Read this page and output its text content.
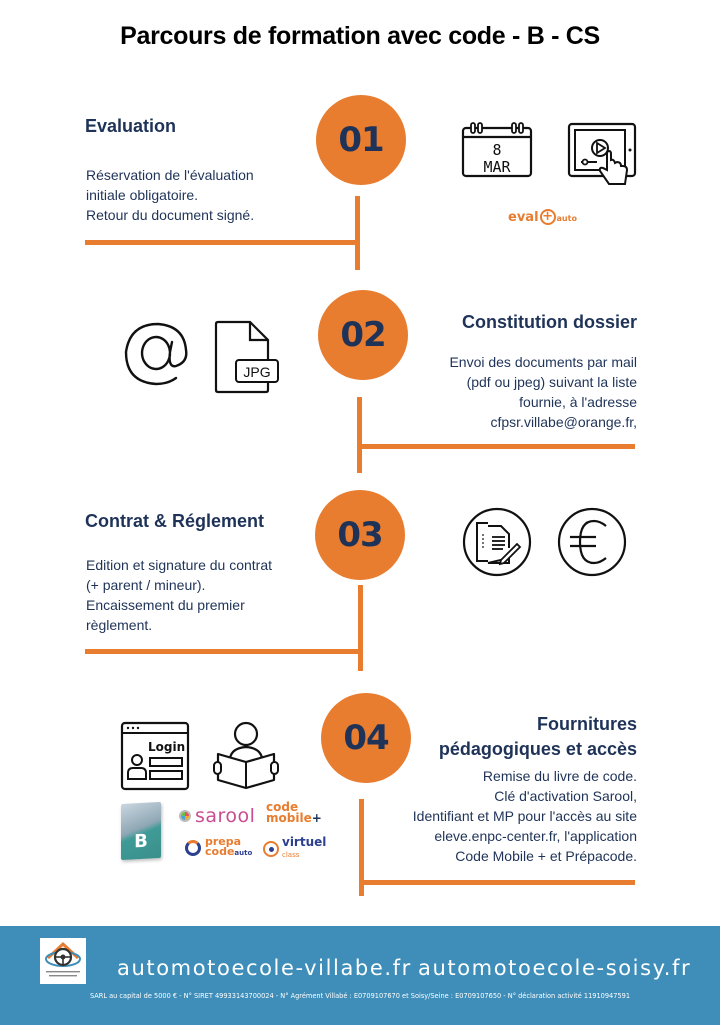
Parcours de formation avec code - B - CS
Evaluation	01
Réservation de l'évaluation
initiale obligatoire.
Retour du document signé.
8
MAR
eval + auto
02	Constitution dossier
Envoi des documents par mail
(pdf ou jpeg) suivant la liste
fournie, à l'adresse
cfpsr.villabe@orange.fr,
JPG
Contrat & Réglement	03
Edition et signature du contrat
(+ parent / mineur).
Encaissement du premier
règlement.
04	Fournitures
pédagogiques et accès
Remise du livre de code.
Clé d'activation Sarool,
Identifiant et MP pour l'accès au site
eleve.enpc-center.fr, l'application
Code Mobile + et Prépacode.
Login
B
sarool code
mobile+
prepa
codeauto
virtuel
class
automotoecole-villabe.fr automotoecole-soisy.fr
SARL au capital de 5000 € - N° SIRET 49933143700024 - N° Agrément Villabé : E0709107670 et Soisy/Seine : E0709107650 - N° déclaration activité 11910947591
